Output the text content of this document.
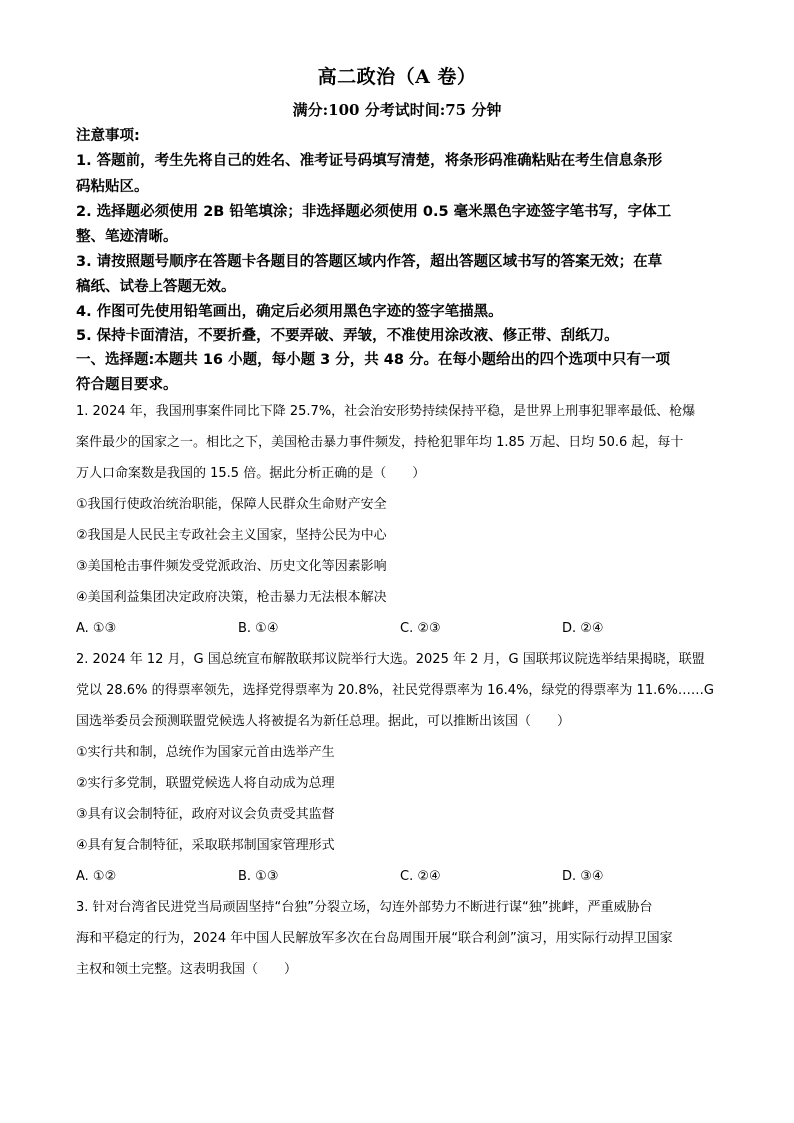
高二政治（A 卷）
满分:100 分考试时间:75 分钟
注意事项:
1. 答题前，考生先将自己的姓名、准考证号码填写清楚，将条形码准确粘贴在考生信息条形
码粘贴区。
2. 选择题必须使用 2B 铅笔填涂；非选择题必须使用 0.5 毫米黑色字迹签字笔书写，字体工
整、笔迹清晰。
3. 请按照题号顺序在答题卡各题目的答题区域内作答，超出答题区域书写的答案无效；在草
稿纸、试卷上答题无效。
4. 作图可先使用铅笔画出，确定后必须用黑色字迹的签字笔描黑。
5. 保持卡面清洁，不要折叠，不要弄破、弄皱，不准使用涂改液、修正带、刮纸刀。
一、选择题:本题共 16 小题，每小题 3 分，共 48 分。在每小题给出的四个选项中只有一项
符合题目要求。
1. 2024 年，我国刑事案件同比下降 25.7%，社会治安形势持续保持平稳，是世界上刑事犯罪率最低、枪爆
案件最少的国家之一。相比之下，美国枪击暴力事件频发，持枪犯罪年均 1.85 万起、日均 50.6 起，每十
万人口命案数是我国的 15.5 倍。据此分析正确的是（　　）
①我国行使政治统治职能，保障人民群众生命财产安全
②我国是人民民主专政社会主义国家，坚持公民为中心
③美国枪击事件频发受党派政治、历史文化等因素影响
④美国利益集团决定政府决策，枪击暴力无法根本解决
A. ①③	B. ①④	C. ②③	D. ②④
2. 2024 年 12 月，G 国总统宣布解散联邦议院举行大选。2025 年 2 月，G 国联邦议院选举结果揭晓，联盟
党以 28.6% 的得票率领先，选择党得票率为 20.8%，社民党得票率为 16.4%，绿党的得票率为 11.6%……G
国选举委员会预测联盟党候选人将被提名为新任总理。据此，可以推断出该国（　　）
①实行共和制，总统作为国家元首由选举产生
②实行多党制，联盟党候选人将自动成为总理
③具有议会制特征，政府对议会负责受其监督
④具有复合制特征，采取联邦制国家管理形式
A. ①②	B. ①③	C. ②④	D. ③④
3. 针对台湾省民进党当局顽固坚持“台独”分裂立场，勾连外部势力不断进行谋“独”挑衅，严重威胁台
海和平稳定的行为，2024 年中国人民解放军多次在台岛周围开展“联合利剑”演习，用实际行动捍卫国家
主权和领土完整。这表明我国（　　）
